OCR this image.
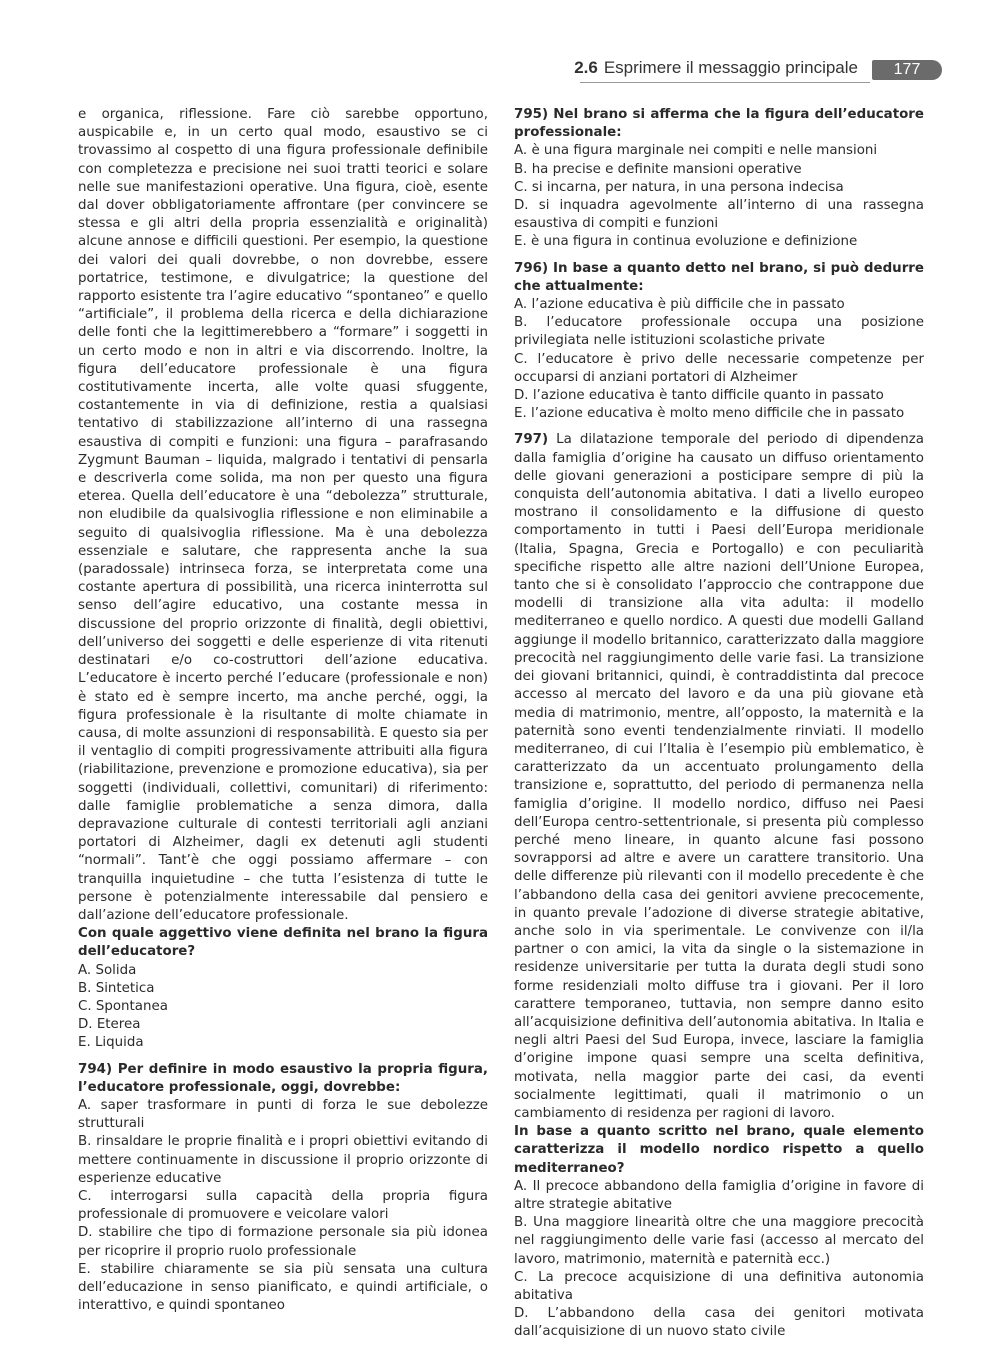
2.6 Esprimere il messaggio principale	177

e organica, riflessione. Fare ciò sarebbe opportuno, auspicabile e, in un certo qual modo, esaustivo se ci trovassimo al cospetto di una figura professionale definibile con completezza e precisione nei suoi tratti teorici e solare nelle sue manifestazioni operative. Una figura, cioè, esente dal dover obbligatoriamente affrontare (per convincere se stessa e gli altri della propria essenzialità e originalità) alcune annose e difficili questioni. Per esempio, la questione dei valori dei quali dovrebbe, o non dovrebbe, essere portatrice, testimone, e divulgatrice; la questione del rapporto esistente tra l’agire educativo “spontaneo” e quello “artificiale”, il problema della ricerca e della dichiarazione delle fonti che la legittimerebbero a “formare” i soggetti in un certo modo e non in altri e via discorrendo. Inoltre, la figura dell’educatore professionale è una figura costitutivamente incerta, alle volte quasi sfuggente, costantemente in via di definizione, restia a qualsiasi tentativo di stabilizzazione all’interno di una rassegna esaustiva di compiti e funzioni: una figura – parafrasando Zygmunt Bauman – liquida, malgrado i tentativi di pensarla e descriverla come solida, ma non per questo una figura eterea. Quella dell’educatore è una “debolezza” strutturale, non eludibile da qualsivoglia riflessione e non eliminabile a seguito di qualsivoglia riflessione. Ma è una debolezza essenziale e salutare, che rappresenta anche la sua (paradossale) intrinseca forza, se interpretata come una costante apertura di possibilità, una ricerca ininterrotta sul senso dell’agire educativo, una costante messa in discussione del proprio orizzonte di finalità, degli obiettivi, dell’universo dei soggetti e delle esperienze di vita ritenuti destinatari e/o co-costruttori dell’azione educativa. L’educatore è incerto perché l’educare (professionale e non) è stato ed è sempre incerto, ma anche perché, oggi, la figura professionale è la risultante di molte chiamate in causa, di molte assunzioni di responsabilità. E questo sia per il ventaglio di compiti progressivamente attribuiti alla figura (riabilitazione, prevenzione e promozione educativa), sia per soggetti (individuali, collettivi, comunitari) di riferimento: dalle famiglie problematiche a senza dimora, dalla depravazione culturale di contesti territoriali agli anziani portatori di Alzheimer, dagli ex detenuti agli studenti “normali”. Tant’è che oggi possiamo affermare – con tranquilla inquietudine – che tutta l’esistenza di tutte le persone è potenzialmente interessabile dal pensiero e dall’azione dell’educatore professionale.

Con quale aggettivo viene definita nel brano la figura dell’educatore?

A. Solida

B. Sintetica

C. Spontanea

D. Eterea

E. Liquida

794) Per definire in modo esaustivo la propria figura, l’educatore professionale, oggi, dovrebbe:

A. saper trasformare in punti di forza le sue debolezze strutturali

B. rinsaldare le proprie finalità e i propri obiettivi evitando di mettere continuamente in discussione il proprio orizzonte di esperienze educative

C. interrogarsi sulla capacità della propria figura professionale di promuovere e veicolare valori

D. stabilire che tipo di formazione personale sia più idonea per ricoprire il proprio ruolo professionale

E. stabilire chiaramente se sia più sensata una cultura dell’educazione in senso pianificato, e quindi artificiale, o interattivo, e quindi spontaneo

795) Nel brano si afferma che la figura dell’educatore professionale:

A. è una figura marginale nei compiti e nelle mansioni

B. ha precise e definite mansioni operative

C. si incarna, per natura, in una persona indecisa

D. si inquadra agevolmente all’interno di una rassegna esaustiva di compiti e funzioni

E. è una figura in continua evoluzione e definizione

796) In base a quanto detto nel brano, si può dedurre che attualmente:

A. l’azione educativa è più difficile che in passato

B. l’educatore professionale occupa una posizione privilegiata nelle istituzioni scolastiche private

C. l’educatore è privo delle necessarie competenze per occuparsi di anziani portatori di Alzheimer

D. l’azione educativa è tanto difficile quanto in passato

E. l’azione educativa è molto meno difficile che in passato

797) La dilatazione temporale del periodo di dipendenza dalla famiglia d’origine ha causato un diffuso orientamento delle giovani generazioni a posticipare sempre di più la conquista dell’autonomia abitativa. I dati a livello europeo mostrano il consolidamento e la diffusione di questo comportamento in tutti i Paesi dell’Europa meridionale (Italia, Spagna, Grecia e Portogallo) e con peculiarità specifiche rispetto alle altre nazioni dell’Unione Europea, tanto che si è consolidato l’approccio che contrappone due modelli di transizione alla vita adulta: il modello mediterraneo e quello nordico. A questi due modelli Galland aggiunge il modello britannico, caratterizzato dalla maggiore precocità nel raggiungimento delle varie fasi. La transizione dei giovani britannici, quindi, è contraddistinta dal precoce accesso al mercato del lavoro e da una più giovane età media di matrimonio, mentre, all’opposto, la maternità e la paternità sono eventi tendenzialmente rinviati. Il modello mediterraneo, di cui l’Italia è l’esempio più emblematico, è caratterizzato da un accentuato prolungamento della transizione e, soprattutto, del periodo di permanenza nella famiglia d’origine. Il modello nordico, diffuso nei Paesi dell’Europa centro-settentrionale, si presenta più complesso perché meno lineare, in quanto alcune fasi possono sovrapporsi ad altre e avere un carattere transitorio. Una delle differenze più rilevanti con il modello precedente è che l’abbandono della casa dei genitori avviene precocemente, in quanto prevale l’adozione di diverse strategie abitative, anche solo in via sperimentale. Le convivenze con il/la partner o con amici, la vita da single o la sistemazione in residenze universitarie per tutta la durata degli studi sono forme residenziali molto diffuse tra i giovani. Per il loro carattere temporaneo, tuttavia, non sempre danno esito all’acquisizione definitiva dell’autonomia abitativa. In Italia e negli altri Paesi del Sud Europa, invece, lasciare la famiglia d’origine impone quasi sempre una scelta definitiva, motivata, nella maggior parte dei casi, da eventi socialmente legittimati, quali il matrimonio o un cambiamento di residenza per ragioni di lavoro.

In base a quanto scritto nel brano, quale elemento caratterizza il modello nordico rispetto a quello mediterraneo?

A. Il precoce abbandono della famiglia d’origine in favore di altre strategie abitative

B. Una maggiore linearità oltre che una maggiore precocità nel raggiungimento delle varie fasi (accesso al mercato del lavoro, matrimonio, maternità e paternità ecc.)

C. La precoce acquisizione di una definitiva autonomia abitativa

D. L’abbandono della casa dei genitori motivata dall’acquisizione di un nuovo stato civile
